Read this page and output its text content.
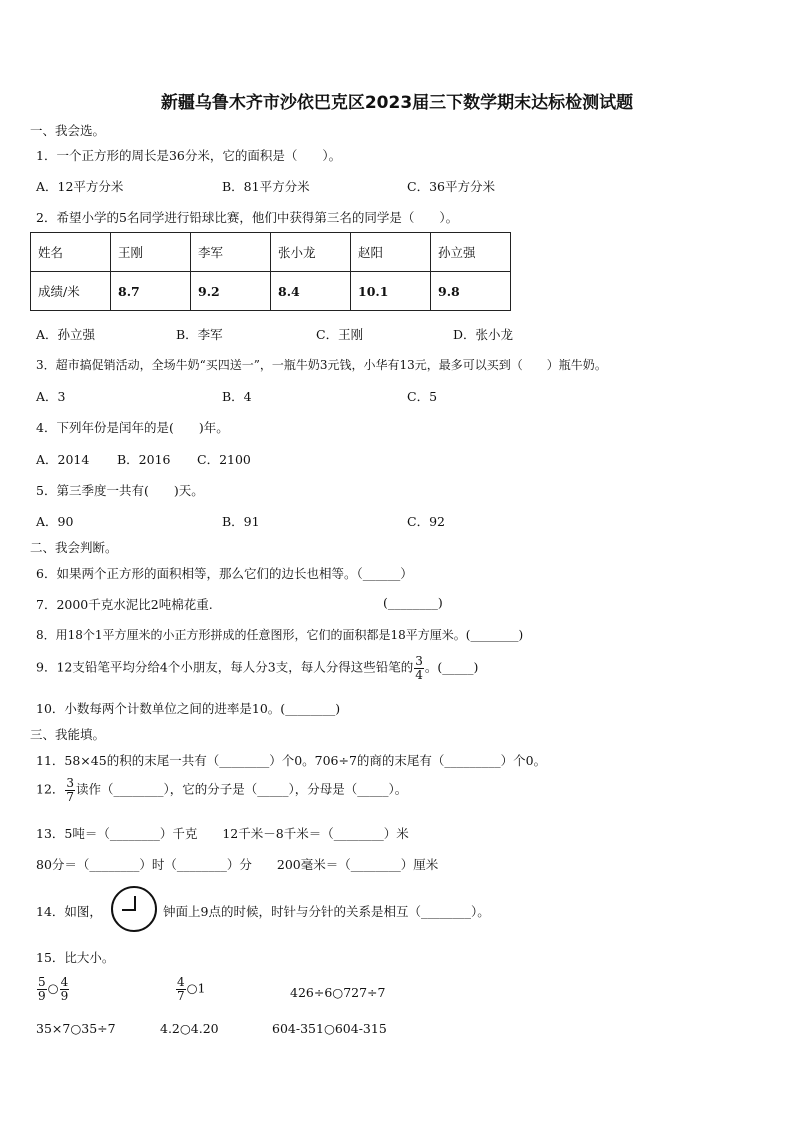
新疆乌鲁木齐市沙依巴克区2023届三下数学期末达标检测试题
一、我会选。
1．一个正方形的周长是36分米，它的面积是（　　）。
A．12平方分米	B．81平方分米	C．36平方分米
2．希望小学的5名同学进行铅球比赛，他们中获得第三名的同学是（　　）。
姓名	王刚	李军	张小龙	赵阳	孙立强
成绩/米	8.7	9.2	8.4	10.1	9.8
A．孙立强	B．李军	C．王刚	D．张小龙
3．超市搞促销活动，全场牛奶“买四送一”，一瓶牛奶3元钱，小华有13元，最多可以买到（　　）瓶牛奶。
A．3	B．4	C．5
4．下列年份是闰年的是(　　)年。
A．2014 B．2016 C．2100
5．第三季度一共有(　　)天。
A．90	B．91	C．92
二、我会判断。
6．如果两个正方形的面积相等，那么它们的边长也相等。（______）
7．2000千克水泥比2吨棉花重.	(________)
8．用18个1平方厘米的小正方形拼成的任意图形，它们的面积都是18平方厘米。(________)
9．12支铅笔平均分给4个小朋友，每人分3支，每人分得这些铅笔的 $\frac{3}{4}$ 。(_____)
10．小数每两个计数单位之间的进率是10。(________)
三、我能填。
11．58×45的积的末尾一共有（________）个0。706÷7的商的末尾有（_________）个0。
12． $\frac{3}{7}$ 读作（________），它的分子是（_____），分母是（_____）。
13．5吨＝（________）千克　　12千米－8千米＝（________）米
80分＝（________）时（________）分　　200毫米＝（________）厘米
14．如图，	钟面上9点的时候，时针与分针的关系是相互（________）。
15．比大小。
$\frac{5}{9}$ ○ $\frac{4}{9}$	$\frac{4}{7}$ ○1	426÷6○727÷7
35×7○35÷7	4.2○4.20	604-351○604-315
